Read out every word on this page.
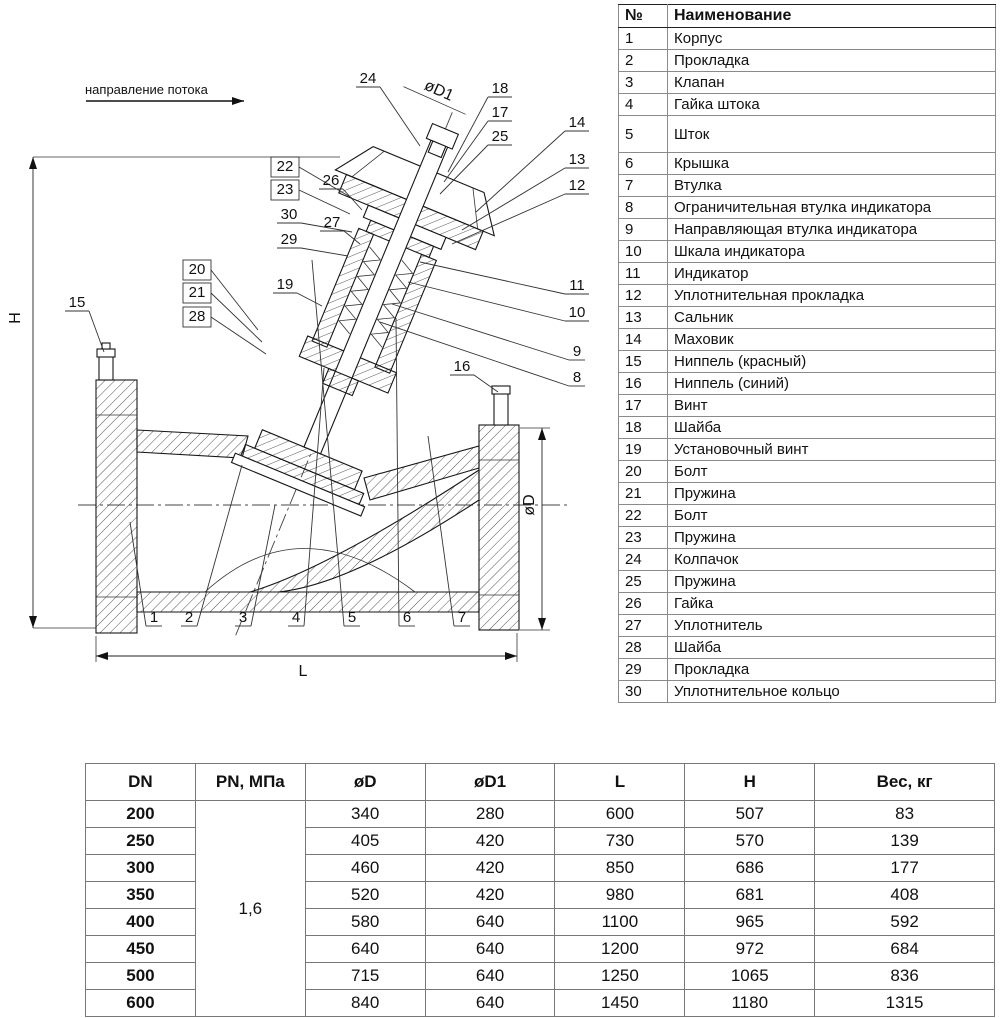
направление потока
H
L
øD
øD1
24
18
17
25
14
13
12
22
26
23
30 27
29
20
21
28
19
15
11
10
9
8
16
1 2	3	4	5	6	7
№	Наименование
1	Корпус
2	Прокладка
3	Клапан
4	Гайка штока
5	Шток
6	Крышка
7	Втулка
8	Ограничительная втулка индикатора
9	Направляющая втулка индикатора
10	Шкала индикатора
11	Индикатор
12	Уплотнительная прокладка
13	Сальник
14	Маховик
15	Ниппель (красный)
16	Ниппель (синий)
17	Винт
18	Шайба
19	Установочный винт
20	Болт
21	Пружина
22	Болт
23	Пружина
24	Колпачок
25	Пружина
26	Гайка
27	Уплотнитель
28	Шайба
29	Прокладка
30	Уплотнительное кольцо
DN	PN, МПа	øD	øD1	L	H	Вес, кг
200	1,6	340	280	600	507	83
250		405	420	730	570	139
300		460	420	850	686	177
350		520	420	980	681	408
400		580	640	1100	965	592
450		640	640	1200	972	684
500		715	640	1250	1065	836
600		840	640	1450	1180	1315
